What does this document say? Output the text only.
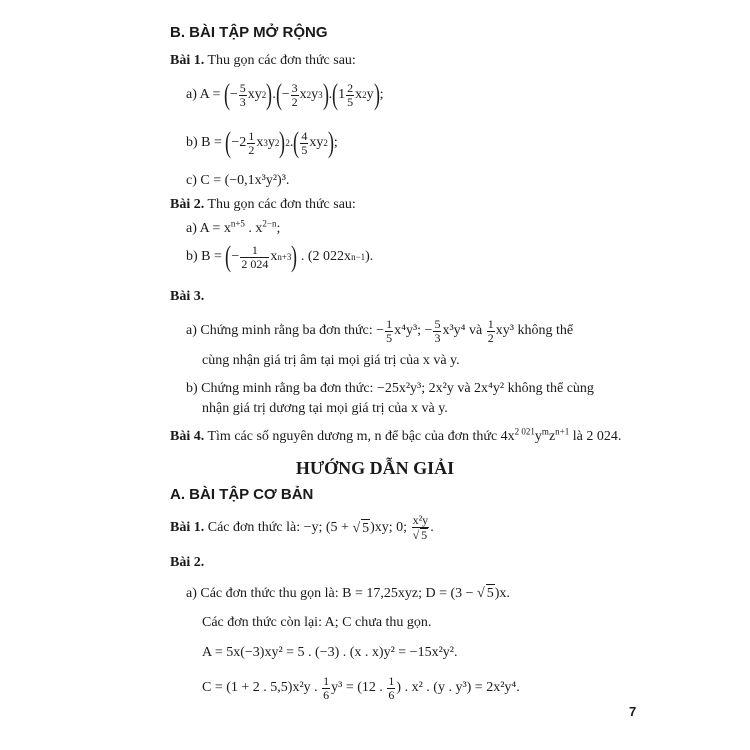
B. BÀI TẬP MỞ RỘNG
Bài 1. Thu gọn các đơn thức sau:
a) A =
( − $\frac{5}{3}$ xy 2 ) . ( − $\frac{3}{2}$ x 2 y 3 ) . ( $1 \frac{2}{5}$ x 2 y ) ;
b) B =
( $-2 \frac{1}{2}$ x 3 y 2 ) 2 . ( $\frac{4}{5}$ xy 2 ) ;
c) C = (−0,1x³y²)³.
Bài 2. Thu gọn các đơn thức sau:
a) $A = x^{n+5}$ . $x^{2-n}$;
b) B =
( − $\frac{1}{2 024}$ x n+3 )
. (2 022x n−1 ).
Bài 3.
a) Chứng minh rằng ba đơn thức: − $\frac{1}{5} x^4y^3$; − $\frac{5}{3} x^3y^4$
và
$\frac{1}{2} xy^3$
không thể
cùng nhận giá trị âm tại mọi giá trị của x và y.
b) Chứng minh rằng ba đơn thức: −25x²y³; 2x²y và 2x⁴y² không thể cùng
nhận giá trị dương tại mọi giá trị của x và y.
Bài 4. Tìm các số nguyên dương m, n để bậc của đơn thức $4x^{2 021}y^mz^{n+1}$ là 2 024.
HƯỚNG DẪN GIẢI
A. BÀI TẬP CƠ BẢN
Bài 1.
Các đơn thức là: −y; (5 +
√ 5 )xy; 0;
$\frac{\text{x²y}}{√ 5}$ .
Bài 2.
a) Các đơn thức thu gọn là: B = 17,25xyz; D = (3 − √ 5)x.
Các đơn thức còn lại: A; C chưa thu gọn.
A = 5x(−3)xy² = 5 . (−3) . (x . x)y² = −15x²y².
C = (1 + 2 . 5,5)x²y .
$\frac{1}{6} y^3 = (12$ .
$\frac{1}{6}$ ) . x² . (y . y³) = 2x²y⁴.
7
